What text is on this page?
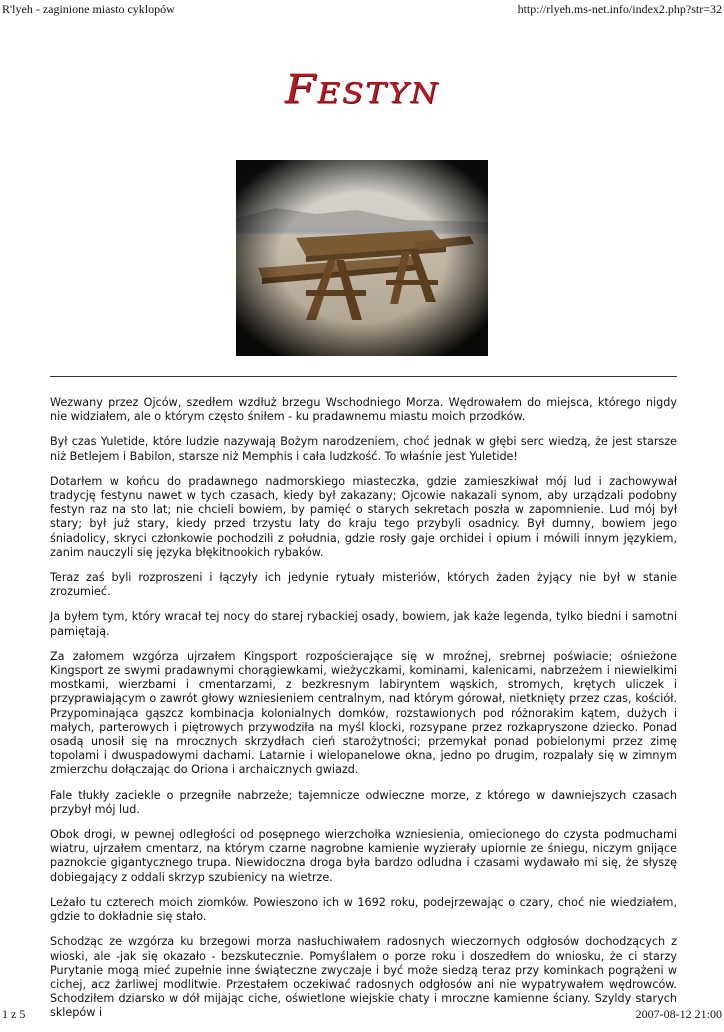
R'lyeh - zaginione miasto cyklopów	http://rlyeh.ms-net.info/index2.php?str=32
Festyn

Wezwany przez Ojców, szedłem wzdłuż brzegu Wschodniego Morza. Wędrowałem do miejsca, którego nigdy nie widziałem, ale o którym często śniłem - ku pradawnemu miastu moich przodków.

Był czas Yuletide, które ludzie nazywają Bożym narodzeniem, choć jednak w głębi serc wiedzą, że jest starsze niż Betlejem i Babilon, starsze niż Memphis i cała ludzkość. To właśnie jest Yuletide!

Dotarłem w końcu do pradawnego nadmorskiego miasteczka, gdzie zamieszkiwał mój lud i zachowywał tradycję festynu nawet w tych czasach, kiedy był zakazany; Ojcowie nakazali synom, aby urządzali podobny festyn raz na sto lat; nie chcieli bowiem, by pamięć o starych sekretach poszła w zapomnienie. Lud mój był stary; był już stary, kiedy przed trzystu laty do kraju tego przybyli osadnicy. Był dumny, bowiem jego śniadolicy, skryci członkowie pochodzili z południa, gdzie rosły gaje orchidei i opium i mówili innym językiem, zanim nauczyli się języka błękitnookich rybaków.

Teraz zaś byli rozproszeni i łączyły ich jedynie rytuały misteriów, których żaden żyjący nie był w stanie zrozumieć.

Ja byłem tym, który wracał tej nocy do starej rybackiej osady, bowiem, jak każe legenda, tylko biedni i samotni pamiętają.

Za załomem wzgórza ujrzałem Kingsport rozpościerające się w mroźnej, srebrnej poświacie; ośnieżone Kingsport ze swymi pradawnymi chorągiewkami, wieżyczkami, kominami, kalenicami, nabrzeżem i niewielkimi mostkami, wierzbami i cmentarzami, z bezkresnym labiryntem wąskich, stromych, krętych uliczek i przyprawiającym o zawrót głowy wzniesieniem centralnym, nad którym górował, nietknięty przez czas, kościół. Przypominająca gąszcz kombinacja kolonialnych domków, rozstawionych pod różnorakim kątem, dużych i małych, parterowych i piętrowych przywodziła na myśl klocki, rozsypane przez rozkapryszone dziecko. Ponad osadą unosił się na mrocznych skrzydłach cień starożytności; przemykał ponad pobielonymi przez zimę topolami i dwuspadowymi dachami. Latarnie i wielopanelowe okna, jedno po drugim, rozpalały się w zimnym zmierzchu dołączając do Oriona i archaicznych gwiazd.

Fale tłukły zaciekle o przegniłe nabrzeże; tajemnicze odwieczne morze, z którego w dawniejszych czasach przybył mój lud.

Obok drogi, w pewnej odległości od posępnego wierzchołka wzniesienia, omiecionego do czysta podmuchami wiatru, ujrzałem cmentarz, na którym czarne nagrobne kamienie wyzierały upiornie ze śniegu, niczym gnijące paznokcie gigantycznego trupa. Niewidoczna droga była bardzo odludna i czasami wydawało mi się, że słyszę dobiegający z oddali skrzyp szubienicy na wietrze.

Leżało tu czterech moich ziomków. Powieszono ich w 1692 roku, podejrzewając o czary, choć nie wiedziałem, gdzie to dokładnie się stało.

Schodząc ze wzgórza ku brzegowi morza nasłuchiwałem radosnych wieczornych odgłosów dochodzących z wioski, ale -jak się okazało - bezskutecznie. Pomyślałem o porze roku i doszedłem do wniosku, że ci starzy Purytanie mogą mieć zupełnie inne świąteczne zwyczaje i być może siedzą teraz przy kominkach pogrążeni w cichej, acz żarliwej modlitwie. Przestałem oczekiwać radosnych odgłosów ani nie wypatrywałem wędrowców. Schodziłem dziarsko w dół mijając ciche, oświetlone wiejskie chaty i mroczne kamienne ściany. Szyldy starych sklepów i

1 z 5	2007-08-12 21:00
